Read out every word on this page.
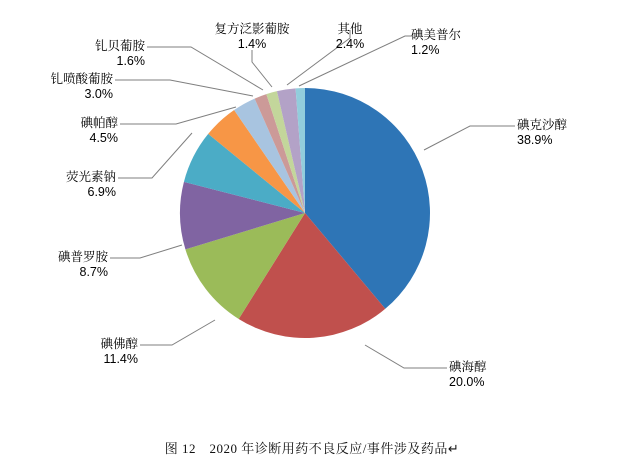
碘克沙醇
38.9%
碘海醇
20.0%
碘佛醇
11.4%
碘普罗胺
8.7%
荧光素钠
6.9%
碘帕醇
4.5%
钆喷酸葡胺
3.0%
钆贝葡胺
1.6%
复方泛影葡胺
1.4%
其他
2.4%
碘美普尔
1.2%
图 12　2020 年诊断用药不良反应/事件涉及药品↵
